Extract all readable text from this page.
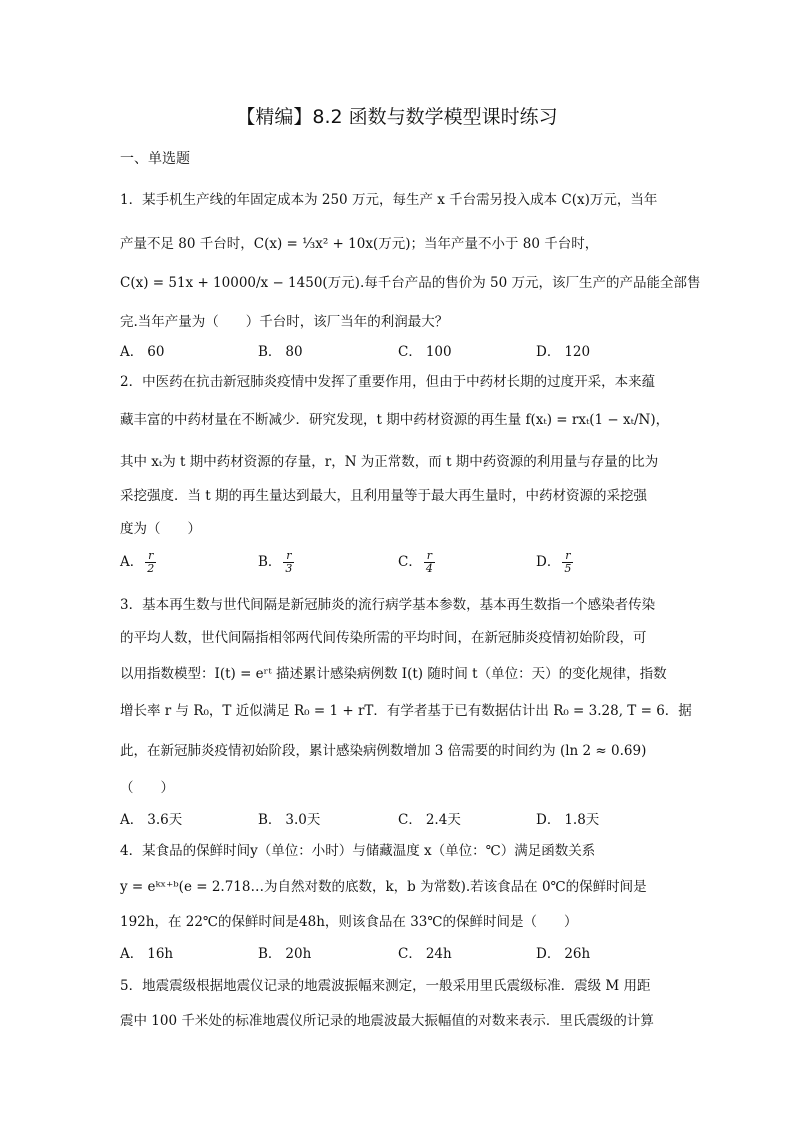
【精编】8.2 函数与数学模型课时练习
一、单选题
1．某手机生产线的年固定成本为 250 万元，每生产 x 千台需另投入成本 C(x)万元，当年
产量不足 80 千台时，C(x) = ⅓x² + 10x(万元)；当年产量不小于 80 千台时，
C(x) = 51x + 10000/x − 1450(万元).每千台产品的售价为 50 万元，该厂生产的产品能全部售
完.当年产量为（　　）千台时，该厂当年的利润最大？
A． 60	B． 80	C． 100	D． 120
2．中医药在抗击新冠肺炎疫情中发挥了重要作用，但由于中药材长期的过度开采，本来蕴
藏丰富的中药材量在不断减少．研究发现，t 期中药材资源的再生量 f(xₜ) = rxₜ(1 − xₜ/N)，
其中 xₜ为 t 期中药材资源的存量，r，N 为正常数，而 t 期中药资源的利用量与存量的比为
采挖强度．当 t 期的再生量达到最大，且利用量等于最大再生量时，中药材资源的采挖强
度为（　　）
A． $\frac{r}{2}$	B． $\frac{r}{3}$	C． $\frac{r}{4}$	D． $\frac{r}{5}$
3．基本再生数与世代间隔是新冠肺炎的流行病学基本参数，基本再生数指一个感染者传染
的平均人数，世代间隔指相邻两代间传染所需的平均时间，在新冠肺炎疫情初始阶段，可
以用指数模型：I(t) = eʳᵗ 描述累计感染病例数 I(t) 随时间 t（单位：天）的变化规律，指数
增长率 r 与 R₀，T 近似满足 R₀ = 1 + rT．有学者基于已有数据估计出 R₀ = 3.28, T = 6．据
此，在新冠肺炎疫情初始阶段，累计感染病例数增加 3 倍需要的时间约为 (ln 2 ≈ 0.69)
（　　）
A． 3.6天	B． 3.0天	C． 2.4天	D． 1.8天
4．某食品的保鲜时间y（单位：小时）与储藏温度 x（单位：℃）满足函数关系
y = eᵏˣ⁺ᵇ(e = 2.718…为自然对数的底数，k，b 为常数).若该食品在 0℃的保鲜时间是
192h，在 22℃的保鲜时间是48h，则该食品在 33℃的保鲜时间是（　　）
A． 16h	B． 20h	C． 24h	D． 26h
5．地震震级根据地震仪记录的地震波振幅来测定，一般采用里氏震级标准．震级 M 用距
震中 100 千米处的标准地震仪所记录的地震波最大振幅值的对数来表示．里氏震级的计算
